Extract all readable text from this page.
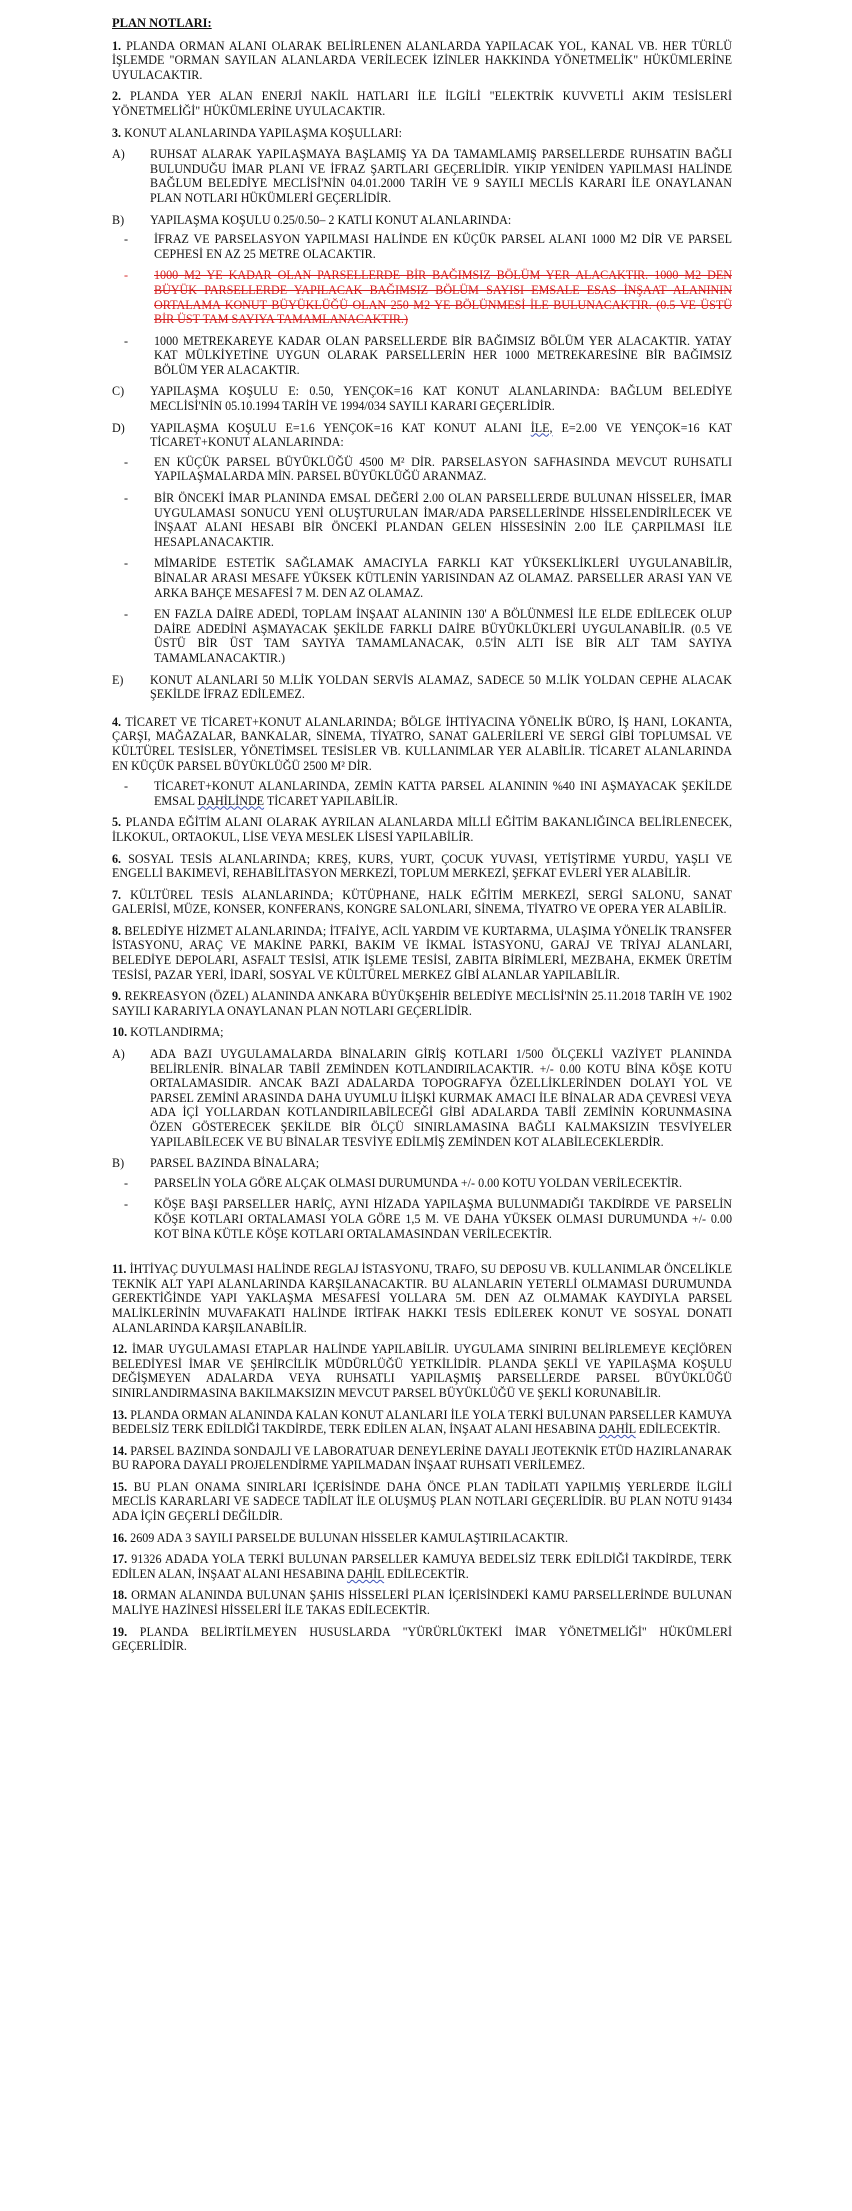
PLAN NOTLARI:
1. PLANDA ORMAN ALANI OLARAK BELİRLENEN ALANLARDA YAPILACAK YOL, KANAL VB. HER TÜRLÜ İŞLEMDE "ORMAN SAYILAN ALANLARDA VERİLECEK İZİNLER HAKKINDA YÖNETMELİK" HÜKÜMLERİNE UYULACAKTIR.
2. PLANDA YER ALAN ENERJİ NAKİL HATLARI İLE İLGİLİ "ELEKTRİK KUVVETLİ AKIM TESİSLERİ YÖNETMELİĞİ" HÜKÜMLERİNE UYULACAKTIR.
3. KONUT ALANLARINDA YAPILAŞMA KOŞULLARI:
A)	RUHSAT ALARAK YAPILAŞMAYA BAŞLAMIŞ YA DA TAMAMLAMIŞ PARSELLERDE RUHSATIN BAĞLI BULUNDUĞU İMAR PLANI VE İFRAZ ŞARTLARI GEÇERLİDİR. YIKIP YENİDEN YAPILMASI HALİNDE BAĞLUM BELEDİYE MECLİSİ'NİN 04.01.2000 TARİH VE 9 SAYILI MECLİS KARARI İLE ONAYLANAN PLAN NOTLARI HÜKÜMLERİ GEÇERLİDİR.
B)	YAPILAŞMA KOŞULU 0.25/0.50– 2 KATLI KONUT ALANLARINDA:
- İFRAZ VE PARSELASYON YAPILMASI HALİNDE EN KÜÇÜK PARSEL ALANI 1000 M2 DİR VE PARSEL CEPHESİ EN AZ 25 METRE OLACAKTIR.
- 1000 M2 YE KADAR OLAN PARSELLERDE BİR BAĞIMSIZ BÖLÜM YER ALACAKTIR. 1000 M2 DEN BÜYÜK PARSELLERDE YAPILACAK BAĞIMSIZ BÖLÜM SAYISI EMSALE ESAS İNŞAAT ALANININ ORTALAMA KONUT BÜYÜKLÜĞÜ OLAN 250 M2 YE BÖLÜNMESİ İLE BULUNACAKTIR. (0.5 VE ÜSTÜ BİR ÜST TAM SAYIYA TAMAMLANACAKTIR.)
- 1000 METREKAREYE KADAR OLAN PARSELLERDE BİR BAĞIMSIZ BÖLÜM YER ALACAKTIR. YATAY KAT MÜLKİYETİNE UYGUN OLARAK PARSELLERİN HER 1000 METREKARESİNE BİR BAĞIMSIZ BÖLÜM YER ALACAKTIR.
C)	YAPILAŞMA KOŞULU E: 0.50, YENÇOK=16 KAT KONUT ALANLARINDA: BAĞLUM BELEDİYE MECLİSİ'NİN 05.10.1994 TARİH VE 1994/034 SAYILI KARARI GEÇERLİDİR.
D)	YAPILAŞMA KOŞULU E=1.6 YENÇOK=16 KAT KONUT ALANI İLE, E=2.00 VE YENÇOK=16 KAT TİCARET+KONUT ALANLARINDA:
- EN KÜÇÜK PARSEL BÜYÜKLÜĞÜ 4500 M² DİR. PARSELASYON SAFHASINDA MEVCUT RUHSATLI YAPILAŞMALARDA MİN. PARSEL BÜYÜKLÜĞÜ ARANMAZ.
- BİR ÖNCEKİ İMAR PLANINDA EMSAL DEĞERİ 2.00 OLAN PARSELLERDE BULUNAN HİSSELER, İMAR UYGULAMASI SONUCU YENİ OLUŞTURULAN İMAR/ADA PARSELLERİNDE HİSSELENDİRİLECEK VE İNŞAAT ALANI HESABI BİR ÖNCEKİ PLANDAN GELEN HİSSESİNİN 2.00 İLE ÇARPILMASI İLE HESAPLANACAKTIR.
- MİMARİDE ESTETİK SAĞLAMAK AMACIYLA FARKLI KAT YÜKSEKLİKLERİ UYGULANABİLİR, BİNALAR ARASI MESAFE YÜKSEK KÜTLENİN YARISINDAN AZ OLAMAZ. PARSELLER ARASI YAN VE ARKA BAHÇE MESAFESİ 7 M. DEN AZ OLAMAZ.
- EN FAZLA DAİRE ADEDİ, TOPLAM İNŞAAT ALANININ 130' A BÖLÜNMESİ İLE ELDE EDİLECEK OLUP DAİRE ADEDİNİ AŞMAYACAK ŞEKİLDE FARKLI DAİRE BÜYÜKLÜKLERİ UYGULANABİLİR. (0.5 VE ÜSTÜ BİR ÜST TAM SAYIYA TAMAMLANACAK, 0.5'İN ALTI İSE BİR ALT TAM SAYIYA TAMAMLANACAKTIR.)
E)	KONUT ALANLARI 50 M.LİK YOLDAN SERVİS ALAMAZ, SADECE 50 M.LİK YOLDAN CEPHE ALACAK ŞEKİLDE İFRAZ EDİLEMEZ.
4. TİCARET VE TİCARET+KONUT ALANLARINDA; BÖLGE İHTİYACINA YÖNELİK BÜRO, İŞ HANI, LOKANTA, ÇARŞI, MAĞAZALAR, BANKALAR, SİNEMA, TİYATRO, SANAT GALERİLERİ VE SERGİ GİBİ TOPLUMSAL VE KÜLTÜREL TESİSLER, YÖNETİMSEL TESİSLER VB. KULLANIMLAR YER ALABİLİR. TİCARET ALANLARINDA EN KÜÇÜK PARSEL BÜYÜKLÜĞÜ 2500 M² DİR.
- TİCARET+KONUT ALANLARINDA, ZEMİN KATTA PARSEL ALANININ %40 INI AŞMAYACAK ŞEKİLDE EMSAL DAHİLİNDE TİCARET YAPILABİLİR.
5. PLANDA EĞİTİM ALANI OLARAK AYRILAN ALANLARDA MİLLİ EĞİTİM BAKANLIĞINCA BELİRLENECEK, İLKOKUL, ORTAOKUL, LİSE VEYA MESLEK LİSESİ YAPILABİLİR.
6. SOSYAL TESİS ALANLARINDA; KREŞ, KURS, YURT, ÇOCUK YUVASI, YETİŞTİRME YURDU, YAŞLI VE ENGELLİ BAKIMEVİ, REHABİLİTASYON MERKEZİ, TOPLUM MERKEZİ, ŞEFKAT EVLERİ YER ALABİLİR.
7. KÜLTÜREL TESİS ALANLARINDA; KÜTÜPHANE, HALK EĞİTİM MERKEZİ, SERGİ SALONU, SANAT GALERİSİ, MÜZE, KONSER, KONFERANS, KONGRE SALONLARI, SİNEMA, TİYATRO VE OPERA YER ALABİLİR.
8. BELEDİYE HİZMET ALANLARINDA; İTFAİYE, ACİL YARDIM VE KURTARMA, ULAŞIMA YÖNELİK TRANSFER İSTASYONU, ARAÇ VE MAKİNE PARKI, BAKIM VE İKMAL İSTASYONU, GARAJ VE TRİYAJ ALANLARI, BELEDİYE DEPOLARI, ASFALT TESİSİ, ATIK İŞLEME TESİSİ, ZABITA BİRİMLERİ, MEZBAHA, EKMEK ÜRETİM TESİSİ, PAZAR YERİ, İDARİ, SOSYAL VE KÜLTÜREL MERKEZ GİBİ ALANLAR YAPILABİLİR.
9. REKREASYON (ÖZEL) ALANINDA ANKARA BÜYÜKŞEHİR BELEDİYE MECLİSİ'NİN 25.11.2018 TARİH VE 1902 SAYILI KARARIYLA ONAYLANAN PLAN NOTLARI GEÇERLİDİR.
10. KOTLANDIRMA;
A)	ADA BAZI UYGULAMALARDA BİNALARIN GİRİŞ KOTLARI 1/500 ÖLÇEKLİ VAZİYET PLANINDA BELİRLENİR. BİNALAR TABİİ ZEMİNDEN KOTLANDIRILACAKTIR. +/- 0.00 KOTU BİNA KÖŞE KOTU ORTALAMASIDIR. ANCAK BAZI ADALARDA TOPOGRAFYA ÖZELLİKLERİNDEN DOLAYI YOL VE PARSEL ZEMİNİ ARASINDA DAHA UYUMLU İLİŞKİ KURMAK AMACI İLE BİNALAR ADA ÇEVRESİ VEYA ADA İÇİ YOLLARDAN KOTLANDIRILABİLECEĞİ GİBİ ADALARDA TABİİ ZEMİNİN KORUNMASINA ÖZEN GÖSTERECEK ŞEKİLDE BİR ÖLÇÜ SINIRLAMASINA BAĞLI KALMAKSIZIN TESVİYELER YAPILABİLECEK VE BU BİNALAR TESVİYE EDİLMİŞ ZEMİNDEN KOT ALABİLECEKLERDİR.
B)	PARSEL BAZINDA BİNALARA;
- PARSELİN YOLA GÖRE ALÇAK OLMASI DURUMUNDA +/- 0.00 KOTU YOLDAN VERİLECEKTİR.
- KÖŞE BAŞI PARSELLER HARİÇ, AYNI HİZADA YAPILAŞMA BULUNMADIĞI TAKDİRDE VE PARSELİN KÖŞE KOTLARI ORTALAMASI YOLA GÖRE 1,5 M. VE DAHA YÜKSEK OLMASI DURUMUNDA +/- 0.00 KOT BİNA KÜTLE KÖŞE KOTLARI ORTALAMASINDAN VERİLECEKTİR.
11. İHTİYAÇ DUYULMASI HALİNDE REGLAJ İSTASYONU, TRAFO, SU DEPOSU VB. KULLANIMLAR ÖNCELİKLE TEKNİK ALT YAPI ALANLARINDA KARŞILANACAKTIR. BU ALANLARIN YETERLİ OLMAMASI DURUMUNDA GEREKTİĞİNDE YAPI YAKLAŞMA MESAFESİ YOLLARA 5M. DEN AZ OLMAMAK KAYDIYLA PARSEL MALİKLERİNİN MUVAFAKATI HALİNDE İRTİFAK HAKKI TESİS EDİLEREK KONUT VE SOSYAL DONATI ALANLARINDA KARŞILANABİLİR.
12. İMAR UYGULAMASI ETAPLAR HALİNDE YAPILABİLİR. UYGULAMA SINIRINI BELİRLEMEYE KEÇİÖREN BELEDİYESİ İMAR VE ŞEHİRCİLİK MÜDÜRLÜĞÜ YETKİLİDİR. PLANDA ŞEKLİ VE YAPILAŞMA KOŞULU DEĞİŞMEYEN ADALARDA VEYA RUHSATLI YAPILAŞMIŞ PARSELLERDE PARSEL BÜYÜKLÜĞÜ SINIRLANDIRMASINA BAKILMAKSIZIN MEVCUT PARSEL BÜYÜKLÜĞÜ VE ŞEKLİ KORUNABİLİR.
13. PLANDA ORMAN ALANINDA KALAN KONUT ALANLARI İLE YOLA TERKİ BULUNAN PARSELLER KAMUYA BEDELSİZ TERK EDİLDİĞİ TAKDİRDE, TERK EDİLEN ALAN, İNŞAAT ALANI HESABINA DAHİL EDİLECEKTİR.
14. PARSEL BAZINDA SONDAJLI VE LABORATUAR DENEYLERİNE DAYALI JEOTEKNİK ETÜD HAZIRLANARAK BU RAPORA DAYALI PROJELENDİRME YAPILMADAN İNŞAAT RUHSATI VERİLEMEZ.
15. BU PLAN ONAMA SINIRLARI İÇERİSİNDE DAHA ÖNCE PLAN TADİLATI YAPILMIŞ YERLERDE İLGİLİ MECLİS KARARLARI VE SADECE TADİLAT İLE OLUŞMUŞ PLAN NOTLARI GEÇERLİDİR. BU PLAN NOTU 91434 ADA İÇİN GEÇERLİ DEĞİLDİR.
16. 2609 ADA 3 SAYILI PARSELDE BULUNAN HİSSELER KAMULAŞTIRILACAKTIR.
17. 91326 ADADA YOLA TERKİ BULUNAN PARSELLER KAMUYA BEDELSİZ TERK EDİLDİĞİ TAKDİRDE, TERK EDİLEN ALAN, İNŞAAT ALANI HESABINA DAHİL EDİLECEKTİR.
18. ORMAN ALANINDA BULUNAN ŞAHIS HİSSELERİ PLAN İÇERİSİNDEKİ KAMU PARSELLERİNDE BULUNAN MALİYE HAZİNESİ HİSSELERİ İLE TAKAS EDİLECEKTİR.
19. PLANDA BELİRTİLMEYEN HUSUSLARDA "YÜRÜRLÜKTEKİ İMAR YÖNETMELİĞİ" HÜKÜMLERİ GEÇERLİDİR.
